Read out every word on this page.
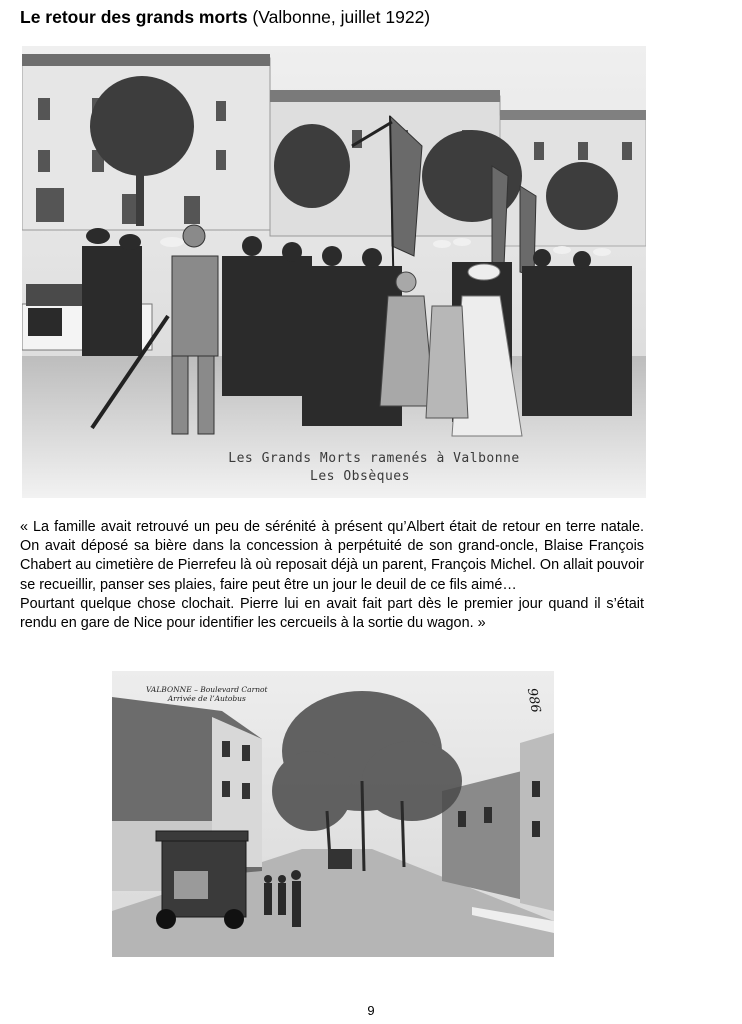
Le retour des grands morts (Valbonne, juillet 1922)
Les Grands Morts ramenés à Valbonne
Les Obsèques

« La famille avait retrouvé un peu de sérénité à présent qu’Albert était de retour en terre natale. On avait déposé sa bière dans la concession à perpétuité de son grand-oncle, Blaise François Chabert au cimetière de Pierrefeu là où reposait déjà un parent, François Michel. On allait pouvoir se recueillir, panser ses plaies, faire peut être un jour le deuil de ce fils aimé…

Pourtant quelque chose clochait. Pierre lui en avait fait part dès le premier jour quand il s’était rendu en gare de Nice pour identifier les cercueils à la sortie du wagon. »

VALBONNE – Boulevard Carnot
Arrivée de l’Autobus	986
9
